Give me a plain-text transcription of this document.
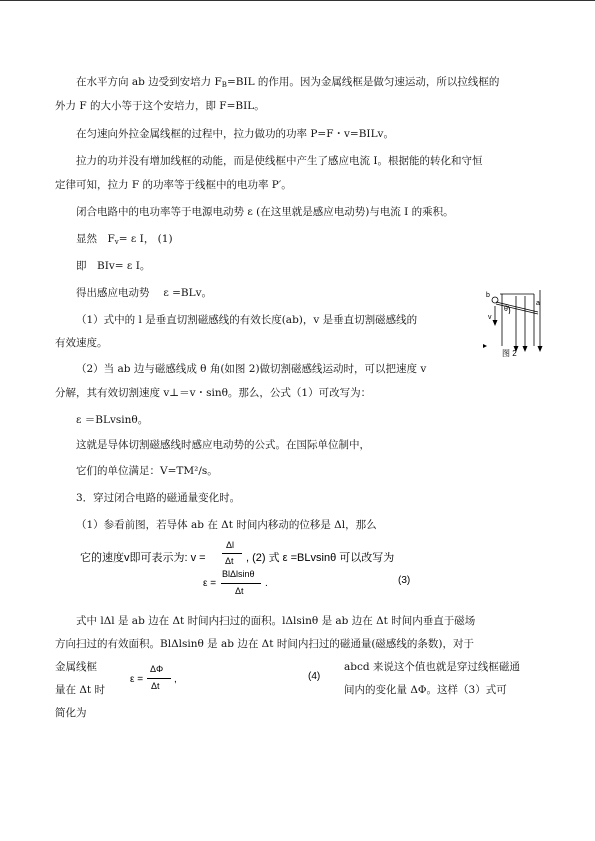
在水平方向 ab 边受到安培力 $F_B=BIL$ 的作用。因为金属线框是做匀速运动，所以拉线框的
外力 F 的大小等于这个安培力，即 F=BIL。
在匀速向外拉金属线框的过程中，拉力做功的功率 P=F・v=BILv。
拉力的功并没有增加线框的动能，而是使线框中产生了感应电流 I。根据能的转化和守恒
定律可知，拉力 F 的功率等于线框中的电功率 P′。
闭合电路中的电功率等于电源电动势 ε (在这里就是感应电动势)与电流 I 的乘积。
显然　$F_v= \varepsilon$ I， (1)
即　BIv= ε I。
得出感应电动势　 ε =BLv。
（1）式中的 l 是垂直切割磁感线的有效长度(ab)，v 是垂直切割磁感线的
有效速度。
（2）当 ab 边与磁感线成 θ 角(如图 2)做切割磁感线运动时，可以把速度 v
分解，其有效切割速度 v⊥＝v・sinθ。那么，公式（1）可改写为：
ε ＝BLvsinθ。
这就是导体切割磁感线时感应电动势的公式。在国际单位制中，
它们的单位满足：V=TM²/s。
3．穿过闭合电路的磁通量变化时。
（1）参看前图，若导体 ab 在 Δt 时间内移动的位移是 Δl，那么
它的速度v即可表示为: v =
Δl
Δt , (2) 式 ε =BLvsinθ 可以改写为
ε =
BlΔlsinθ
Δt
.	(3)
式中 lΔl 是 ab 边在 Δt 时间内扫过的面积。lΔlsinθ 是 ab 边在 Δt 时间内垂直于磁场
方向扫过的有效面积。BlΔlsinθ 是 ab 边在 Δt 时间内扫过的磁通量(磁感线的条数)，对于
金属线框	abcd 来说这个值也就是穿过线框磁通
ε =
ΔΦ
Δt
,	(4)
量在 Δt 时	间内的变化量 ΔΦ。这样（3）式可
简化为
b
a
v
θ
图 2
